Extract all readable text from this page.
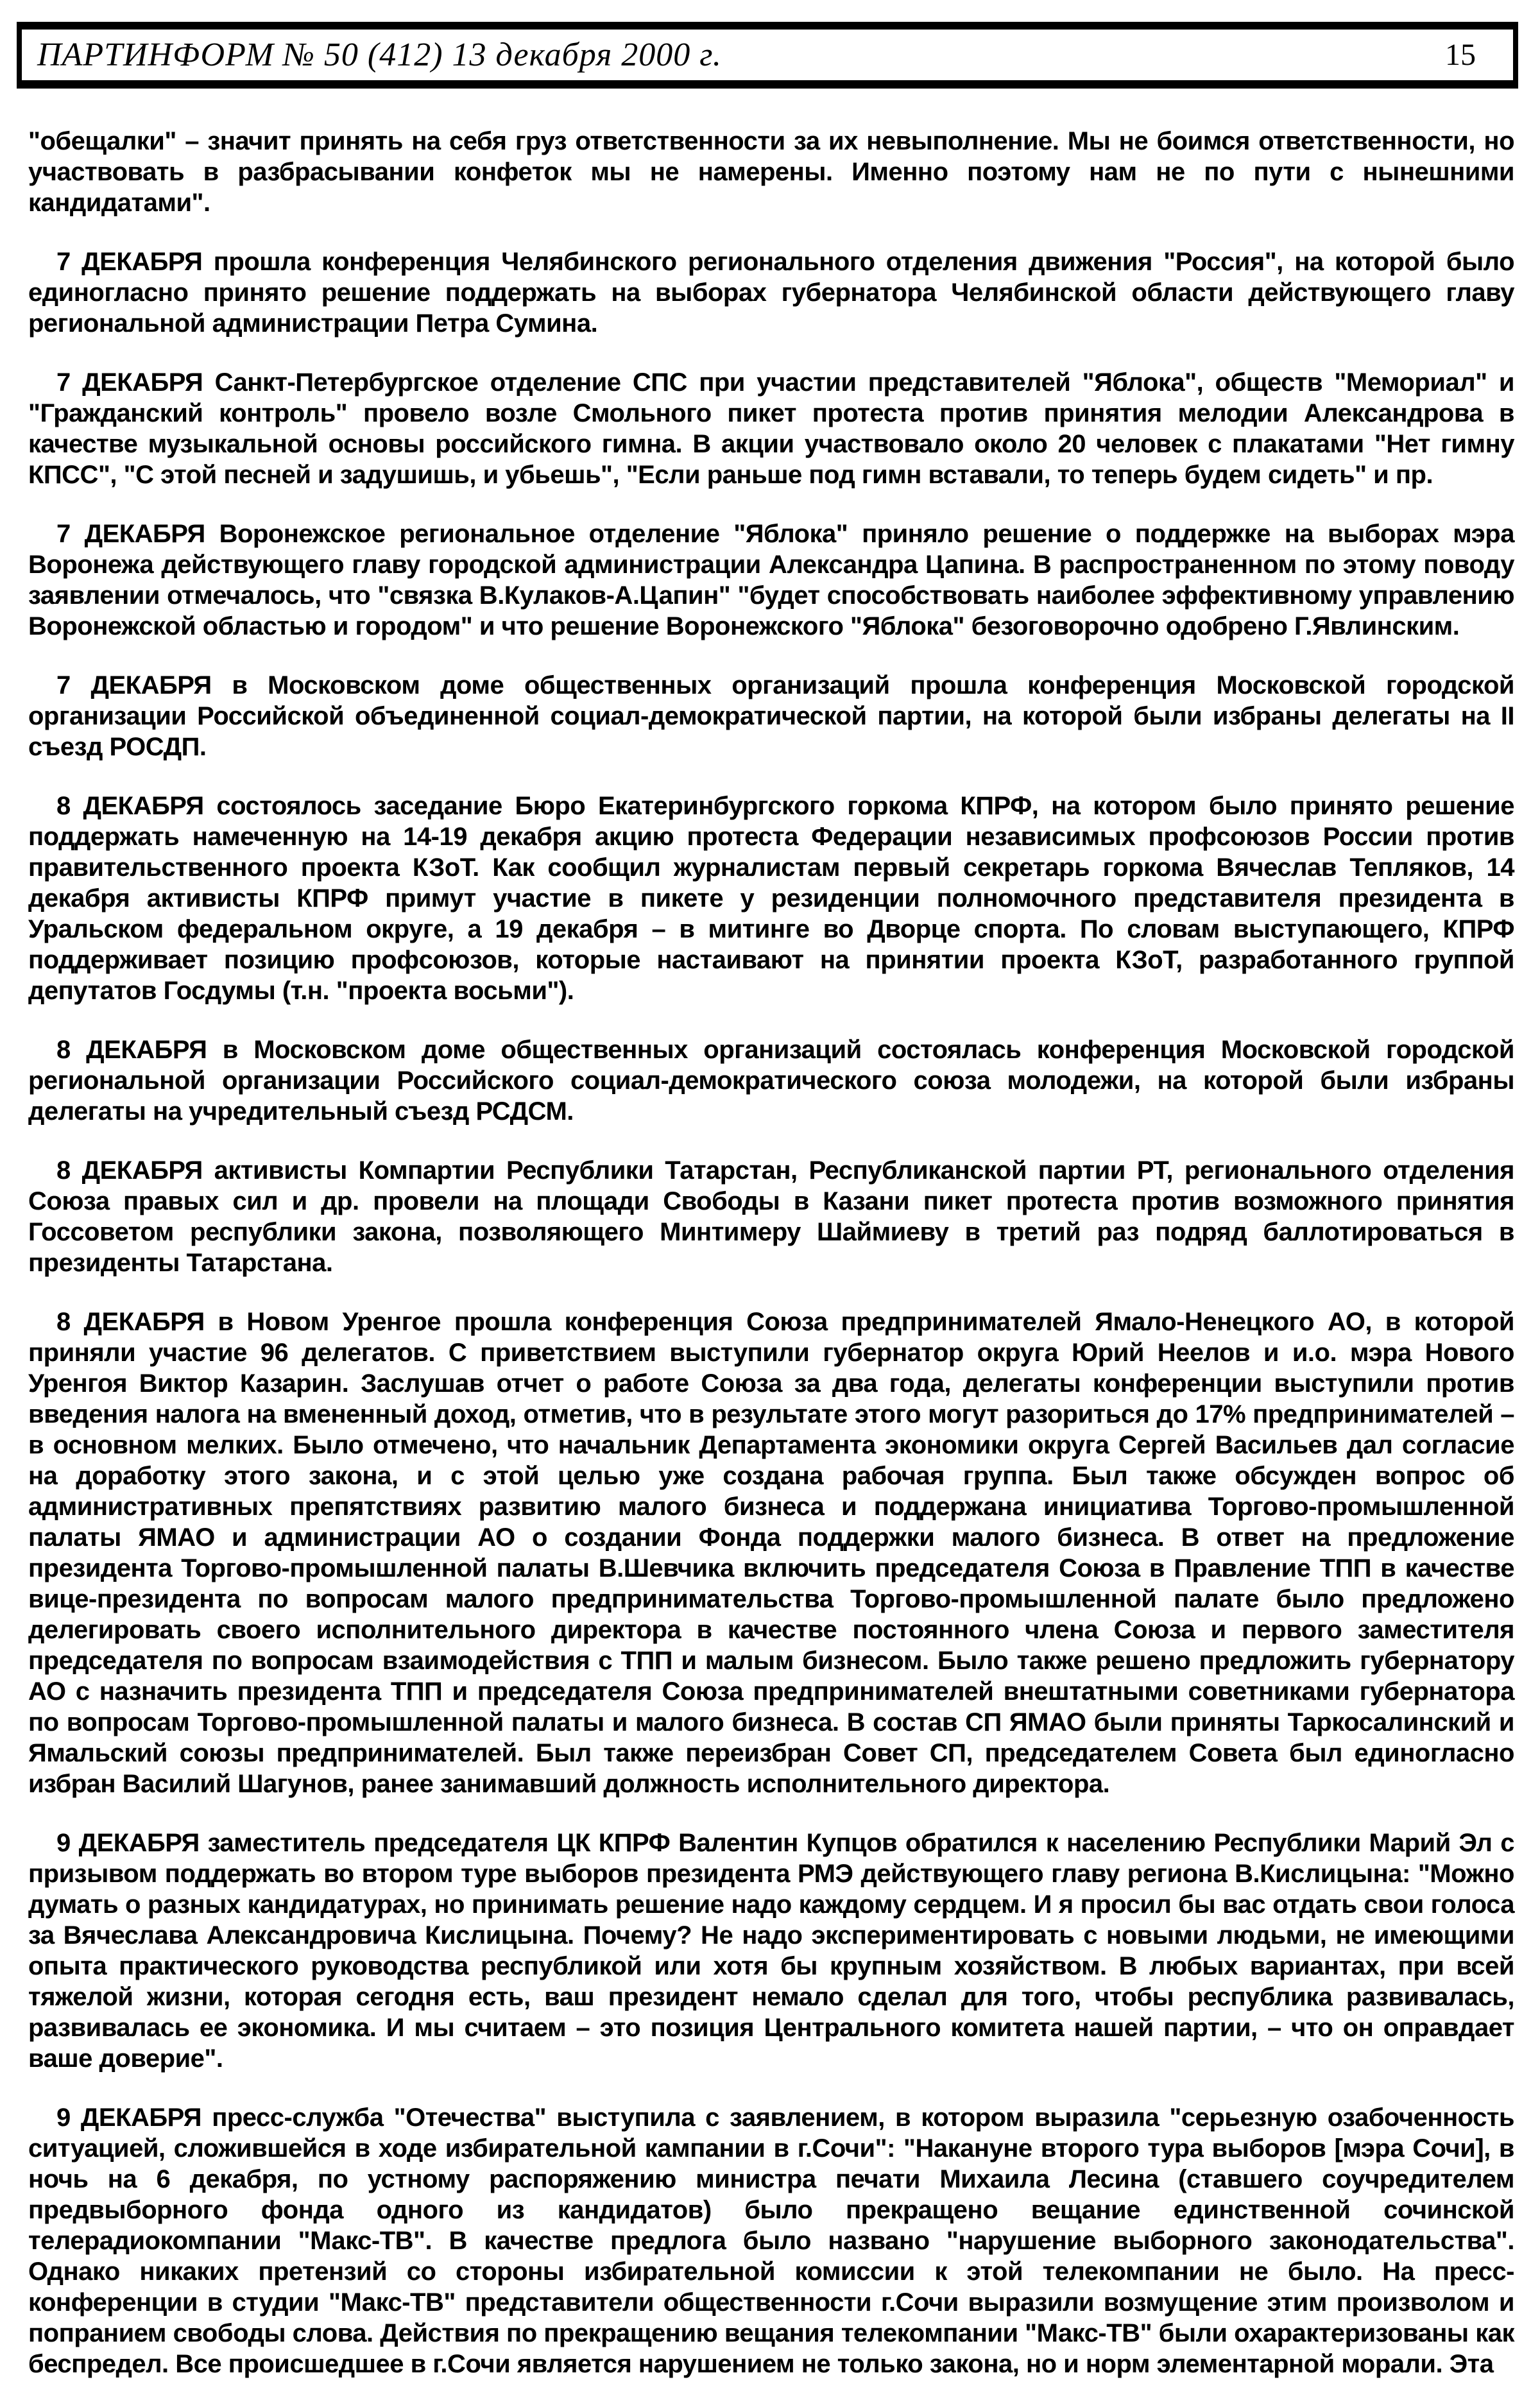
ПАРТИНФОРМ № 50 (412) 13 декабря 2000 г.	15

"обещалки" – значит принять на себя груз ответственности за их невыполнение. Мы не боимся ответственности, но участвовать в разбрасывании конфеток мы не намерены. Именно поэтому нам не по пути с нынешними кандидатами".

7 ДЕКАБРЯ прошла конференция Челябинского регионального отделения движения "Россия", на которой было единогласно принято решение поддержать на выборах губернатора Челябинской области действующего главу региональной администрации Петра Сумина.

7 ДЕКАБРЯ Санкт-Петербургское отделение СПС при участии представителей "Яблока", обществ "Мемориал" и "Гражданский контроль" провело возле Смольного пикет протеста против принятия мелодии Александрова в качестве музыкальной основы российского гимна. В акции участвовало около 20 человек с плакатами "Нет гимну КПСС", "С этой песней и задушишь, и убьешь", "Если раньше под гимн вставали, то теперь будем сидеть" и пр.

7 ДЕКАБРЯ Воронежское региональное отделение "Яблока" приняло решение о поддержке на выборах мэра Воронежа действующего главу городской администрации Александра Цапина. В распространенном по этому поводу заявлении отмечалось, что "связка В.Кулаков-А.Цапин" "будет способствовать наиболее эффективному управлению Воронежской областью и городом" и что решение Воронежского "Яблока" безоговорочно одобрено Г.Явлинским.

7 ДЕКАБРЯ в Московском доме общественных организаций прошла конференция Московской городской организации Российской объединенной социал-демократической партии, на которой были избраны делегаты на II съезд РОСДП.

8 ДЕКАБРЯ состоялось заседание Бюро Екатеринбургского горкома КПРФ, на котором было принято решение поддержать намеченную на 14-19 декабря акцию протеста Федерации независимых профсоюзов России против правительственного проекта КЗоТ. Как сообщил журналистам первый секретарь горкома Вячеслав Тепляков, 14 декабря активисты КПРФ примут участие в пикете у резиденции полномочного представителя президента в Уральском федеральном округе, а 19 декабря – в митинге во Дворце спорта. По словам выступающего, КПРФ поддерживает позицию профсоюзов, которые настаивают на принятии проекта КЗоТ, разработанного группой депутатов Госдумы (т.н. "проекта восьми").

8 ДЕКАБРЯ в Московском доме общественных организаций состоялась конференция Московской городской региональной организации Российского социал-демократического союза молодежи, на которой были избраны делегаты на учредительный съезд РСДСМ.

8 ДЕКАБРЯ активисты Компартии Республики Татарстан, Республиканской партии РТ, регионального отделения Союза правых сил и др. провели на площади Свободы в Казани пикет протеста против возможного принятия Госсоветом республики закона, позволяющего Минтимеру Шаймиеву в третий раз подряд баллотироваться в президенты Татарстана.

8 ДЕКАБРЯ в Новом Уренгое прошла конференция Союза предпринимателей Ямало-Ненецкого АО, в которой приняли участие 96 делегатов. С приветствием выступили губернатор округа Юрий Неелов и и.о. мэра Нового Уренгоя Виктор Казарин. Заслушав отчет о работе Союза за два года, делегаты конференции выступили против введения налога на вмененный доход, отметив, что в результате этого могут разориться до 17% предпринимателей – в основном мелких. Было отмечено, что начальник Департамента экономики округа Сергей Васильев дал согласие на доработку этого закона, и с этой целью уже создана рабочая группа. Был также обсужден вопрос об административных препятствиях развитию малого бизнеса и поддержана инициатива Торгово-промышленной палаты ЯМАО и администрации АО о создании Фонда поддержки малого бизнеса. В ответ на предложение президента Торгово-промышленной палаты В.Шевчика включить председателя Союза в Правление ТПП в качестве вице-президента по вопросам малого предпринимательства Торгово-промышленной палате было предложено делегировать своего исполнительного директора в качестве постоянного члена Союза и первого заместителя председателя по вопросам взаимодействия с ТПП и малым бизнесом. Было также решено предложить губернатору АО с назначить президента ТПП и председателя Союза предпринимателей внештатными советниками губернатора по вопросам Торгово-промышленной палаты и малого бизнеса. В состав СП ЯМАО были приняты Таркосалинский и Ямальский союзы предпринимателей. Был также переизбран Совет СП, председателем Совета был единогласно избран Василий Шагунов, ранее занимавший должность исполнительного директора.

9 ДЕКАБРЯ заместитель председателя ЦК КПРФ Валентин Купцов обратился к населению Республики Марий Эл с призывом поддержать во втором туре выборов президента РМЭ действующего главу региона В.Кислицына: "Можно думать о разных кандидатурах, но принимать решение надо каждому сердцем. И я просил бы вас отдать свои голоса за Вячеслава Александровича Кислицына. Почему? Не надо экспериментировать с новыми людьми, не имеющими опыта практического руководства республикой или хотя бы крупным хозяйством. В любых вариантах, при всей тяжелой жизни, которая сегодня есть, ваш президент немало сделал для того, чтобы республика развивалась, развивалась ее экономика. И мы считаем – это позиция Центрального комитета нашей партии, – что он оправдает ваше доверие".

9 ДЕКАБРЯ пресс-служба "Отечества" выступила с заявлением, в котором выразила "серьезную озабоченность ситуацией, сложившейся в ходе избирательной кампании в г.Сочи": "Накануне второго тура выборов [мэра Сочи], в ночь на 6 декабря, по устному распоряжению министра печати Михаила Лесина (ставшего соучредителем предвыборного фонда одного из кандидатов) было прекращено вещание единственной сочинской телерадиокомпании "Макс-ТВ". В качестве предлога было названо "нарушение выборного законодательства". Однако никаких претензий со стороны избирательной комиссии к этой телекомпании не было. На пресс-конференции в студии "Макс-ТВ" представители общественности г.Сочи выразили возмущение этим произволом и попранием свободы слова. Действия по прекращению вещания телекомпании "Макс-ТВ" были охарактеризованы как беспредел. Все происшедшее в г.Сочи является нарушением не только закона, но и норм элементарной морали. Эта
